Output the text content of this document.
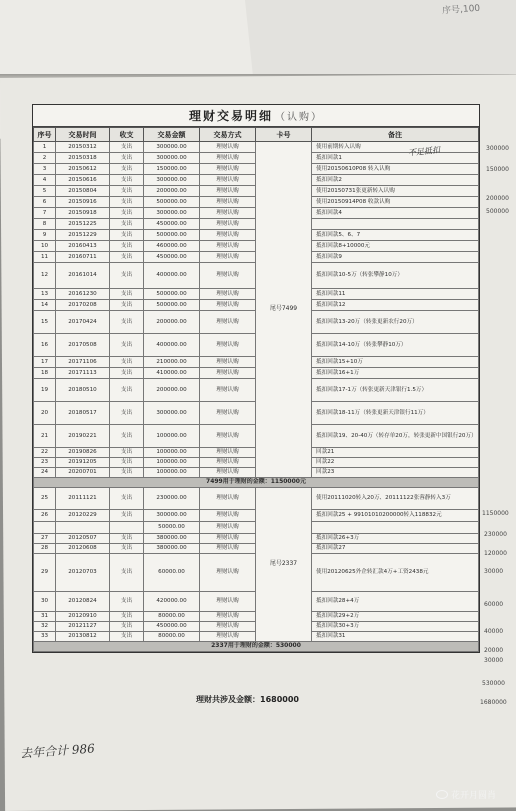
序号,100
理财交易明细 （认购）
序号	交易时间	收支	交易金额	交易方式	卡号	备注
1	20150312	支出	300000.00	理财认购	尾号7499	使用前期转入认购
2	20150318	支出	300000.00	理财认购		抵扣回款1
3	20150612	支出	150000.00	理财认购		使用20150610P08 转入认购
4	20150616	支出	300000.00	理财认购		抵扣回款2
5	20150804	支出	200000.00	理财认购		使用20150731张更新转入认购
6	20150916	支出	500000.00	理财认购		使用20150914P08 收款认购
7	20150918	支出	300000.00	理财认购		抵扣回款4
8	20151225	支出	450000.00	理财认购		
9	20151229	支出	500000.00	理财认购		抵扣回款5、6、7
10	20160413	支出	460000.00	理财认购		抵扣回款8+10000元
11	20160711	支出	450000.00	理财认购		抵扣回款9
12	20161014	支出	400000.00	理财认购		抵扣回款10-5万（转张攀静10万）
13	20161230	支出	500000.00	理财认购		抵扣回款11
14	20170208	支出	500000.00	理财认购		抵扣回款12
15	20170424	支出	200000.00	理财认购		抵扣回款13-20万（转张更新农行20万）
16	20170508	支出	400000.00	理财认购		抵扣回款14-10万（转张攀静10万）
17	20171106	支出	210000.00	理财认购		抵扣回款15+10万
18	20171113	支出	410000.00	理财认购		抵扣回款16+1万
19	20180510	支出	200000.00	理财认购		抵扣回款17-1万（转张更新天津银行1.5万）
20	20180517	支出	300000.00	理财认购		抵扣回款18-11万（转张更新天津银行11万）
21	20190221	支出	100000.00	理财认购		抵扣回款19、20-40万（转存单20万，转张更新中国银行20万）
22	20190826	支出	100000.00	理财认购		回款21
23	20191205	支出	100000.00	理财认购		回款22
24	20200701	支出	100000.00	理财认购		回款23
7499用于理财的金额：1150000元						
25	20111121	支出	230000.00	理财认购	尾号2337	使用20111020转入20万、20111122张蓉静转入3万
26	20120229	支出	300000.00	理财认购		抵扣回款25 + 99101010200000转入118832元
			50000.00	理财认购		
27	20120507	支出	380000.00	理财认购		抵扣回款26+3万
28	20120608	支出	380000.00	理财认购		抵扣回款27
29	20120703	支出	60000.00	理财认购		使用20120625外企转汇款4万+工资2438元
30	20120824	支出	420000.00	理财认购		抵扣回款28+4万
31	20120910	支出	80000.00	理财认购		抵扣回款29+2万
32	20121127	支出	450000.00	理财认购		抵扣回款30+3万
33	20130812	支出	80000.00	理财认购		抵扣回款31
2337用于理财的金额：530000						
不足抵扣	300000
150000
200000
500000
1150000
230000
120000
30000
60000
40000
20000
30000
530000
1680000
理财共涉及金额：1680000
去年合计 986
花开月圆肖
